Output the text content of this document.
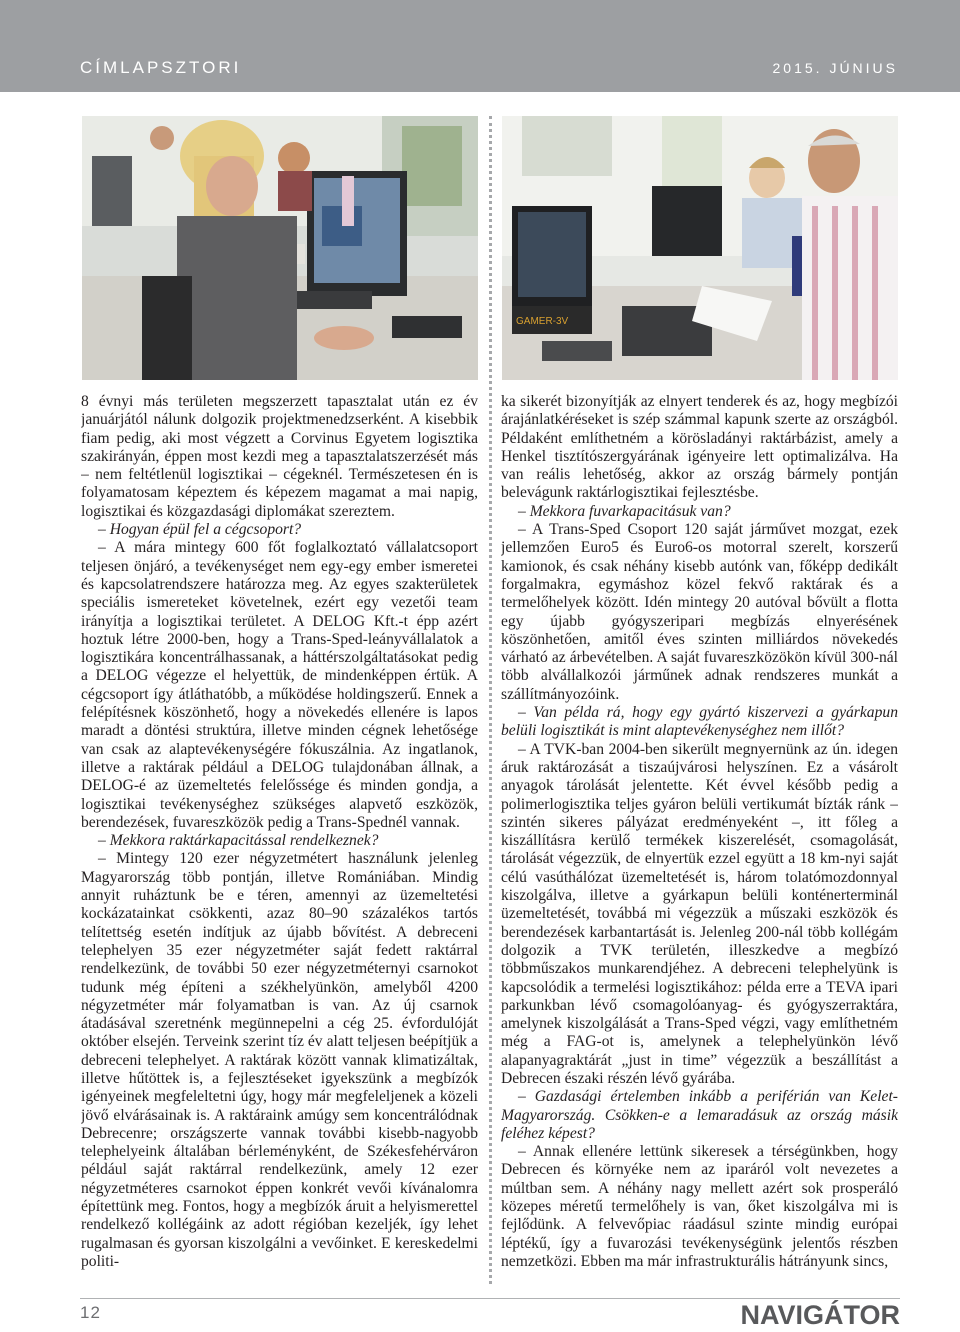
CÍMLAPSZTORI	2015. JÚNIUS
GAMER-3V

8 évnyi más területen megszerzett tapasztalat után ez év januárjától nálunk dolgozik projektmenedzserként. A kisebbik fiam pedig, aki most végzett a Corvinus Egyetem logisztika szakirányán, éppen most kezdi meg a tapasztalatszerzését más – nem feltétlenül logisztikai – cégeknél. Természetesen én is folyamatosam képeztem és képezem magamat a mai napig, logisztikai és közgazdasági diplomákat szereztem.

– Hogyan épül fel a cégcsoport?

– A mára mintegy 600 főt foglalkoztató vállalatcsoport teljesen önjáró, a tevékenységet nem egy-egy ember ismeretei és kapcsolatrendszere határozza meg. Az egyes szakterületek speciális ismereteket követelnek, ezért egy vezetői team irányítja a logisztikai területet. A DELOG Kft.-t épp azért hoztuk létre 2000-ben, hogy a Trans-Sped-leányvállalatok a logisztikára koncentrálhassanak, a háttérszolgáltatásokat pedig a DELOG végezze el helyettük, de mindenképpen értük. A cégcsoport így átláthatóbb, a működése holdingszerű. Ennek a felépítésnek köszönhető, hogy a növekedés ellenére is lapos maradt a döntési struktúra, illetve minden cégnek lehetősége van csak az alaptevékenységére fókuszálnia. Az ingatlanok, illetve a raktárak például a DELOG tulajdonában állnak, a DELOG-é az üzemeltetés felelőssége és minden gondja, a logisztikai tevékenységhez szükséges alapvető eszközök, berendezések, fuvareszközök pedig a Trans-Spednél vannak.

– Mekkora raktárkapacitással rendelkeznek?

– Mintegy 120 ezer négyzetmétert használunk jelenleg Magyarország több pontján, illetve Romániában. Mindig annyit ruháztunk be e téren, amennyi az üzemeltetési kockázatainkat csökkenti, azaz 80–90 százalékos tartós telítettség esetén indítjuk az újabb bővítést. A debreceni telephelyen 35 ezer négyzetméter saját fedett raktárral rendelkezünk, de további 50 ezer négyzetméternyi csarnokot tudunk még építeni a székhelyünkön, amelyből 4200 négyzetméter már folyamatban is van. Az új csarnok átadásával szeretnénk megünnepelni a cég 25. évfordulóját október elsején. Terveink szerint tíz év alatt teljesen beépítjük a debreceni telephelyet. A raktárak között vannak klimatizáltak, illetve hűtöttek is, a fejlesztéseket igyekszünk a megbízók igényeinek megfeleltetni úgy, hogy már megfeleljenek a közeli jövő elvárásainak is. A raktáraink amúgy sem koncentrálódnak Debrecenre; országszerte vannak további kisebb-nagyobb telephelyeink általában bérleményként, de Székesfehérváron például saját raktárral rendelkezünk, amely 12 ezer négyzetméteres csarnokot éppen konkrét vevői kívánalomra építettünk meg. Fontos, hogy a megbízók áruit a helyismerettel rendelkező kollégáink az adott régióban kezeljék, így lehet rugalmasan és gyorsan kiszolgálni a vevőinket. E kereskedelmi politi-

ka sikerét bizonyítják az elnyert tenderek és az, hogy megbízói árajánlatkéréseket is szép számmal kapunk szerte az országból. Példaként említhetném a körösladányi raktárbázist, amely a Henkel tisztítószergyárának igényeire lett optimalizálva. Ha van reális lehetőség, akkor az ország bármely pontján belevágunk raktárlogisztikai fejlesztésbe.

– Mekkora fuvarkapacitásuk van?

– A Trans-Sped Csoport 120 saját járművet mozgat, ezek jellemzően Euro5 és Euro6-os motorral szerelt, korszerű kamionok, és csak néhány kisebb autónk van, főképp dedikált forgalmakra, egymáshoz közel fekvő raktárak és a termelőhelyek között. Idén mintegy 20 autóval bővült a flotta egy újabb gyógyszeripari megbízás elnyerésének köszönhetően, amitől éves szinten milliárdos növekedés várható az árbevételben. A saját fuvareszközökön kívül 300-nál több alvállalkozói járműnek adnak rendszeres munkát a szállítmányozóink.

– Van példa rá, hogy egy gyártó kiszervezi a gyárkapun belüli logisztikát is mint alaptevékenységhez nem illőt?

– A TVK-ban 2004-ben sikerült megnyernünk az ún. idegen áruk raktározását a tiszaújvárosi helyszínen. Ez a vásárolt anyagok tárolását jelentette. Két évvel később pedig a polimerlogisztika teljes gyáron belüli vertikumát bízták ránk – szintén sikeres pályázat eredményeként –, itt főleg a kiszállításra kerülő termékek kiszerelését, csomagolását, tárolását végezzük, de elnyertük ezzel együtt a 18 km-nyi saját célú vasúthálózat üzemeltetését is, három tolatómozdonnyal kiszolgálva, illetve a gyárkapun belüli konténerterminál üzemeltetését, továbbá mi végezzük a műszaki eszközök és berendezések karbantartását is. Jelenleg 200-nál több kollégám dolgozik a TVK területén, illeszkedve a megbízó többműszakos munkarendjéhez. A debreceni telephelyünk is kapcsolódik a termelési logisztikához: példa erre a TEVA ipari parkunkban lévő csomagolóanyag- és gyógyszerraktára, amelynek kiszolgálását a Trans-Sped végzi, vagy említhetném még a FAG-ot is, amelynek a telephelyünkön lévő alapanyagraktárát „just in time” végezzük a beszállítást a Debrecen északi részén lévő gyárába.

– Gazdasági értelemben inkább a periférián van Kelet-Magyarország. Csökken-e a lemaradásuk az ország másik feléhez képest?

– Annak ellenére lettünk sikeresek a térségünkben, hogy Debrecen és környéke nem az iparáról volt nevezetes a múltban sem. A néhány nagy mellett azért sok prosperáló közepes méretű termelőhely is van, őket kiszolgálva mi is fejlődünk. A felvevőpiac ráadásul szinte mindig európai léptékű, így a fuvarozási tevékenységünk jelentős részben nemzetközi. Ebben ma már infrastrukturális hátrányunk sincs,

12	NAVIGÁTOR
